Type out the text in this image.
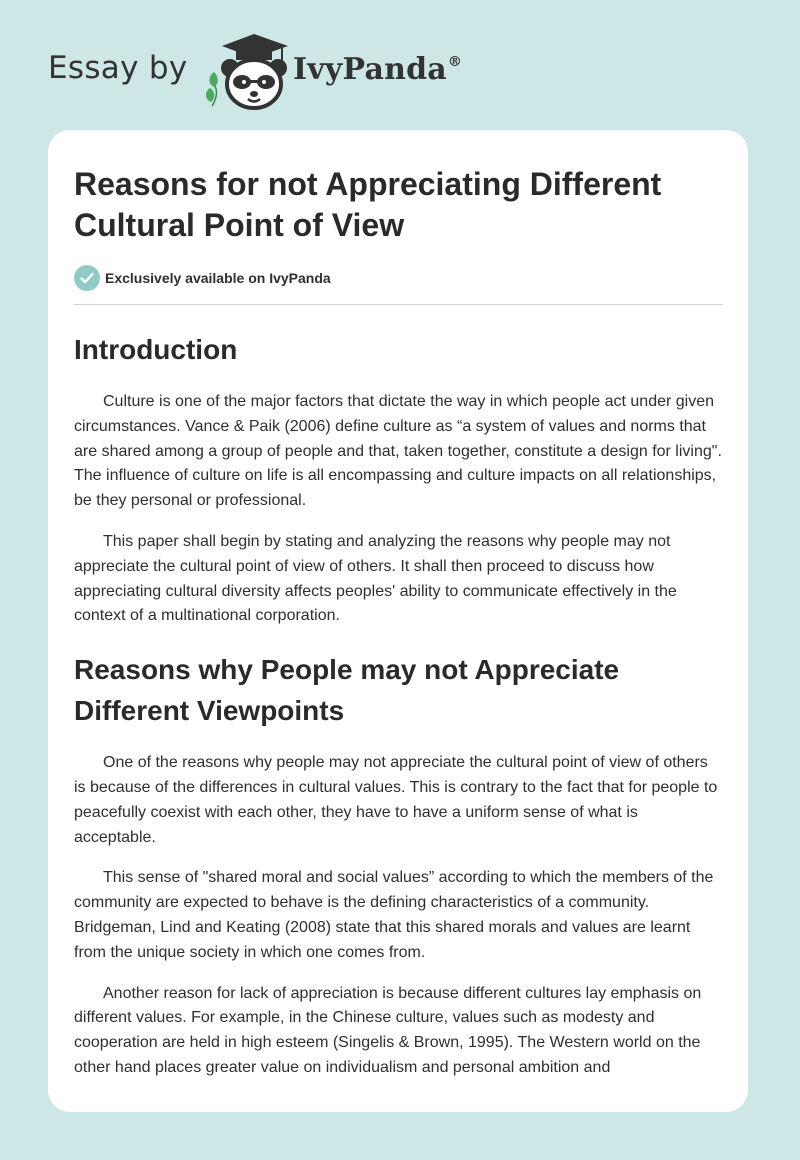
Essay by	IvyPanda®
Reasons for not Appreciating Different Cultural Point of View
Exclusively available on IvyPanda
Introduction

Culture is one of the major factors that dictate the way in which people act under given circumstances. Vance & Paik (2006) define culture as “a system of values and norms that are shared among a group of people and that, taken together, constitute a design for living". The influence of culture on life is all encompassing and culture impacts on all relationships, be they personal or professional.

This paper shall begin by stating and analyzing the reasons why people may not appreciate the cultural point of view of others. It shall then proceed to discuss how appreciating cultural diversity affects peoples' ability to communicate effectively in the context of a multinational corporation.

Reasons why People may not Appreciate Different Viewpoints

One of the reasons why people may not appreciate the cultural point of view of others is because of the differences in cultural values. This is contrary to the fact that for people to peacefully coexist with each other, they have to have a uniform sense of what is acceptable.

This sense of "shared moral and social values” according to which the members of the community are expected to behave is the defining characteristics of a community. Bridgeman, Lind and Keating (2008) state that this shared morals and values are learnt from the unique society in which one comes from.

Another reason for lack of appreciation is because different cultures lay emphasis on different values. For example, in the Chinese culture, values such as modesty and cooperation are held in high esteem (Singelis & Brown, 1995). The Western world on the other hand places greater value on individualism and personal ambition and
